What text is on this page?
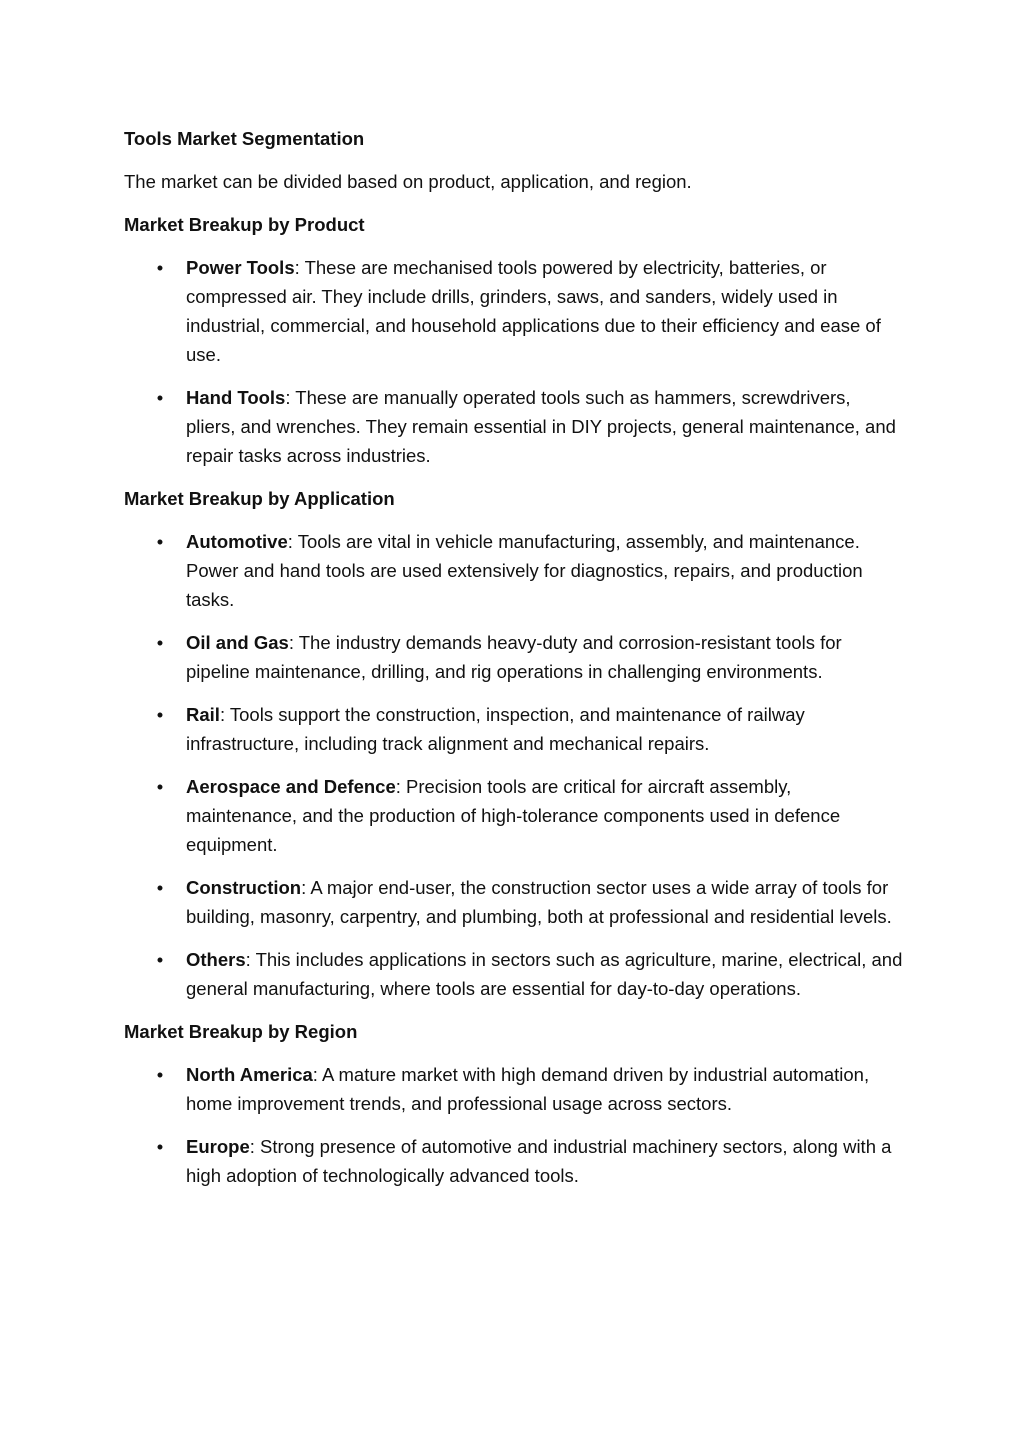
Tools Market Segmentation

The market can be divided based on product, application, and region.

Market Breakup by Product

• Power Tools: These are mechanised tools powered by electricity, batteries, or compressed air. They include drills, grinders, saws, and sanders, widely used in industrial, commercial, and household applications due to their efficiency and ease of use.
• Hand Tools: These are manually operated tools such as hammers, screwdrivers, pliers, and wrenches. They remain essential in DIY projects, general maintenance, and repair tasks across industries.

Market Breakup by Application

• Automotive: Tools are vital in vehicle manufacturing, assembly, and maintenance. Power and hand tools are used extensively for diagnostics, repairs, and production tasks.
• Oil and Gas: The industry demands heavy-duty and corrosion-resistant tools for pipeline maintenance, drilling, and rig operations in challenging environments.
• Rail: Tools support the construction, inspection, and maintenance of railway infrastructure, including track alignment and mechanical repairs.
• Aerospace and Defence: Precision tools are critical for aircraft assembly, maintenance, and the production of high-tolerance components used in defence equipment.
• Construction: A major end-user, the construction sector uses a wide array of tools for building, masonry, carpentry, and plumbing, both at professional and residential levels.
• Others: This includes applications in sectors such as agriculture, marine, electrical, and general manufacturing, where tools are essential for day-to-day operations.

Market Breakup by Region

• North America: A mature market with high demand driven by industrial automation, home improvement trends, and professional usage across sectors.
• Europe: Strong presence of automotive and industrial machinery sectors, along with a high adoption of technologically advanced tools.
